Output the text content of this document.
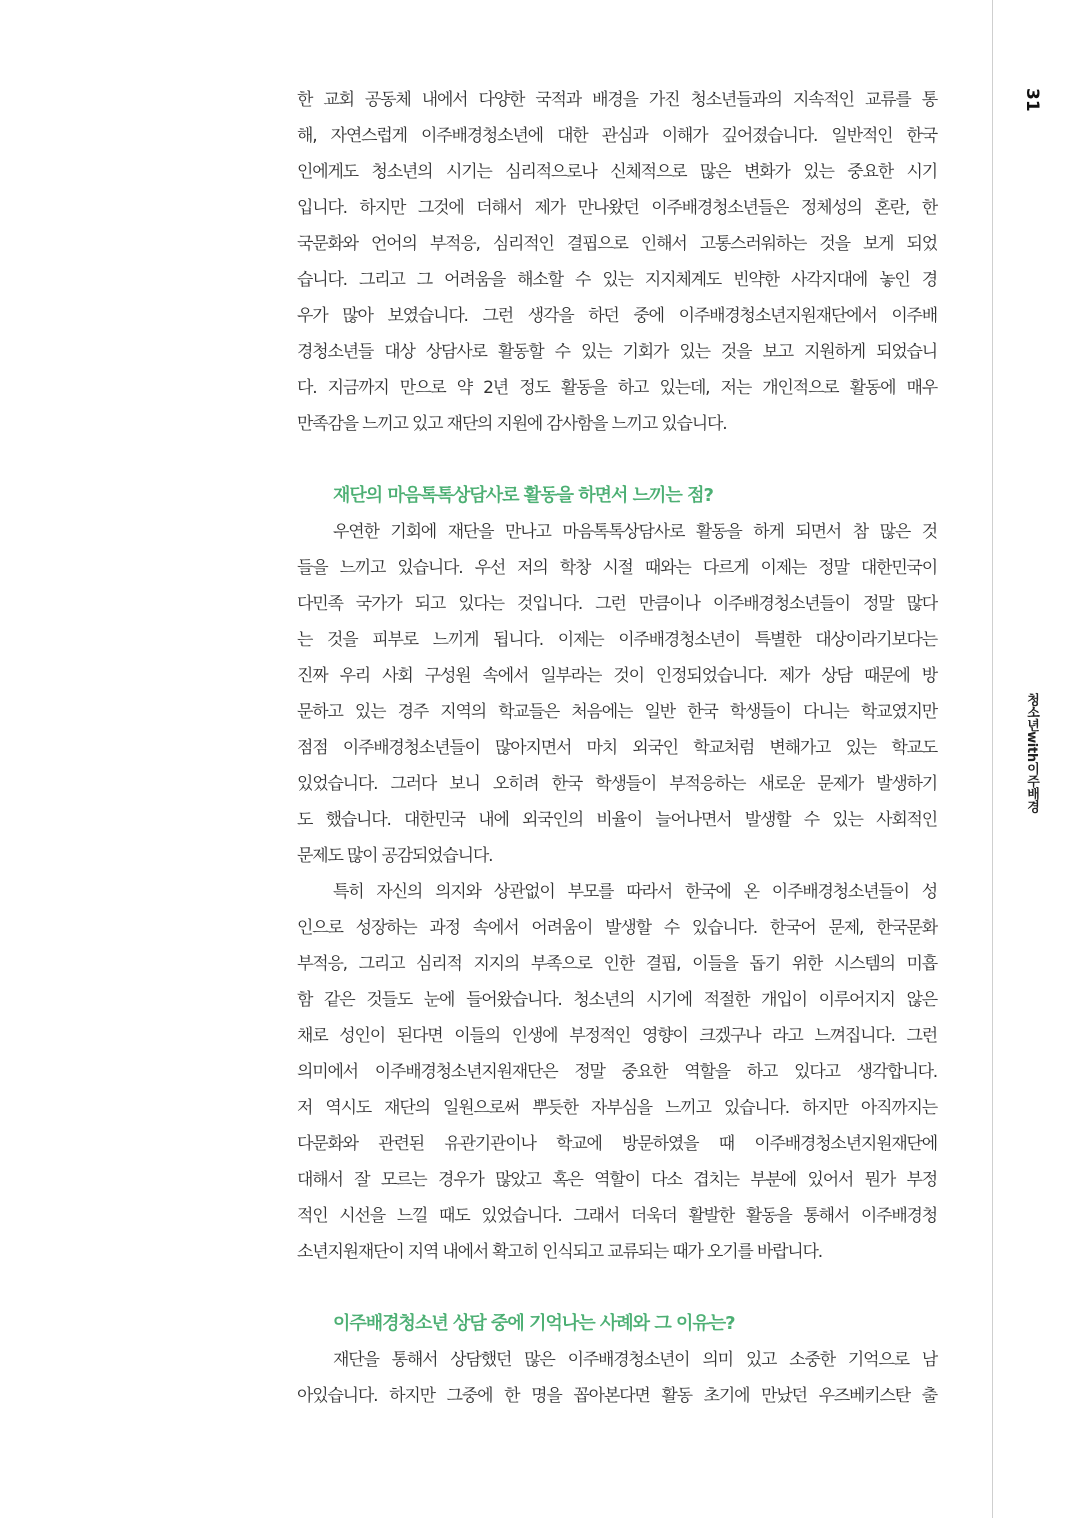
31
청소년with이주배경
한 교회 공동체 내에서 다양한 국적과 배경을 가진 청소년들과의 지속적인 교류를 통
해, 자연스럽게 이주배경청소년에 대한 관심과 이해가 깊어졌습니다. 일반적인 한국
인에게도 청소년의 시기는 심리적으로나 신체적으로 많은 변화가 있는 중요한 시기
입니다. 하지만 그것에 더해서 제가 만나왔던 이주배경청소년들은 정체성의 혼란, 한
국문화와 언어의 부적응, 심리적인 결핍으로 인해서 고통스러워하는 것을 보게 되었
습니다. 그리고 그 어려움을 해소할 수 있는 지지체계도 빈약한 사각지대에 놓인 경
우가 많아 보였습니다. 그런 생각을 하던 중에 이주배경청소년지원재단에서 이주배
경청소년들 대상 상담사로 활동할 수 있는 기회가 있는 것을 보고 지원하게 되었습니
다. 지금까지 만으로 약 2년 정도 활동을 하고 있는데, 저는 개인적으로 활동에 매우
만족감을 느끼고 있고 재단의 지원에 감사함을 느끼고 있습니다.
재단의 마음톡톡상담사로 활동을 하면서 느끼는 점?
우연한 기회에 재단을 만나고 마음톡톡상담사로 활동을 하게 되면서 참 많은 것
들을 느끼고 있습니다. 우선 저의 학창 시절 때와는 다르게 이제는 정말 대한민국이
다민족 국가가 되고 있다는 것입니다. 그런 만큼이나 이주배경청소년들이 정말 많다
는 것을 피부로 느끼게 됩니다. 이제는 이주배경청소년이 특별한 대상이라기보다는
진짜 우리 사회 구성원 속에서 일부라는 것이 인정되었습니다. 제가 상담 때문에 방
문하고 있는 경주 지역의 학교들은 처음에는 일반 한국 학생들이 다니는 학교였지만
점점 이주배경청소년들이 많아지면서 마치 외국인 학교처럼 변해가고 있는 학교도
있었습니다. 그러다 보니 오히려 한국 학생들이 부적응하는 새로운 문제가 발생하기
도 했습니다. 대한민국 내에 외국인의 비율이 늘어나면서 발생할 수 있는 사회적인
문제도 많이 공감되었습니다.
특히 자신의 의지와 상관없이 부모를 따라서 한국에 온 이주배경청소년들이 성
인으로 성장하는 과정 속에서 어려움이 발생할 수 있습니다. 한국어 문제, 한국문화
부적응, 그리고 심리적 지지의 부족으로 인한 결핍, 이들을 돕기 위한 시스템의 미흡
함 같은 것들도 눈에 들어왔습니다. 청소년의 시기에 적절한 개입이 이루어지지 않은
채로 성인이 된다면 이들의 인생에 부정적인 영향이 크겠구나 라고 느껴집니다. 그런
의미에서 이주배경청소년지원재단은 정말 중요한 역할을 하고 있다고 생각합니다.
저 역시도 재단의 일원으로써 뿌듯한 자부심을 느끼고 있습니다. 하지만 아직까지는
다문화와 관련된 유관기관이나 학교에 방문하였을 때 이주배경청소년지원재단에
대해서 잘 모르는 경우가 많았고 혹은 역할이 다소 겹치는 부분에 있어서 뭔가 부정
적인 시선을 느낄 때도 있었습니다. 그래서 더욱더 활발한 활동을 통해서 이주배경청
소년지원재단이 지역 내에서 확고히 인식되고 교류되는 때가 오기를 바랍니다.
이주배경청소년 상담 중에 기억나는 사례와 그 이유는?
재단을 통해서 상담했던 많은 이주배경청소년이 의미 있고 소중한 기억으로 남
아있습니다. 하지만 그중에 한 명을 꼽아본다면 활동 초기에 만났던 우즈베키스탄 출
